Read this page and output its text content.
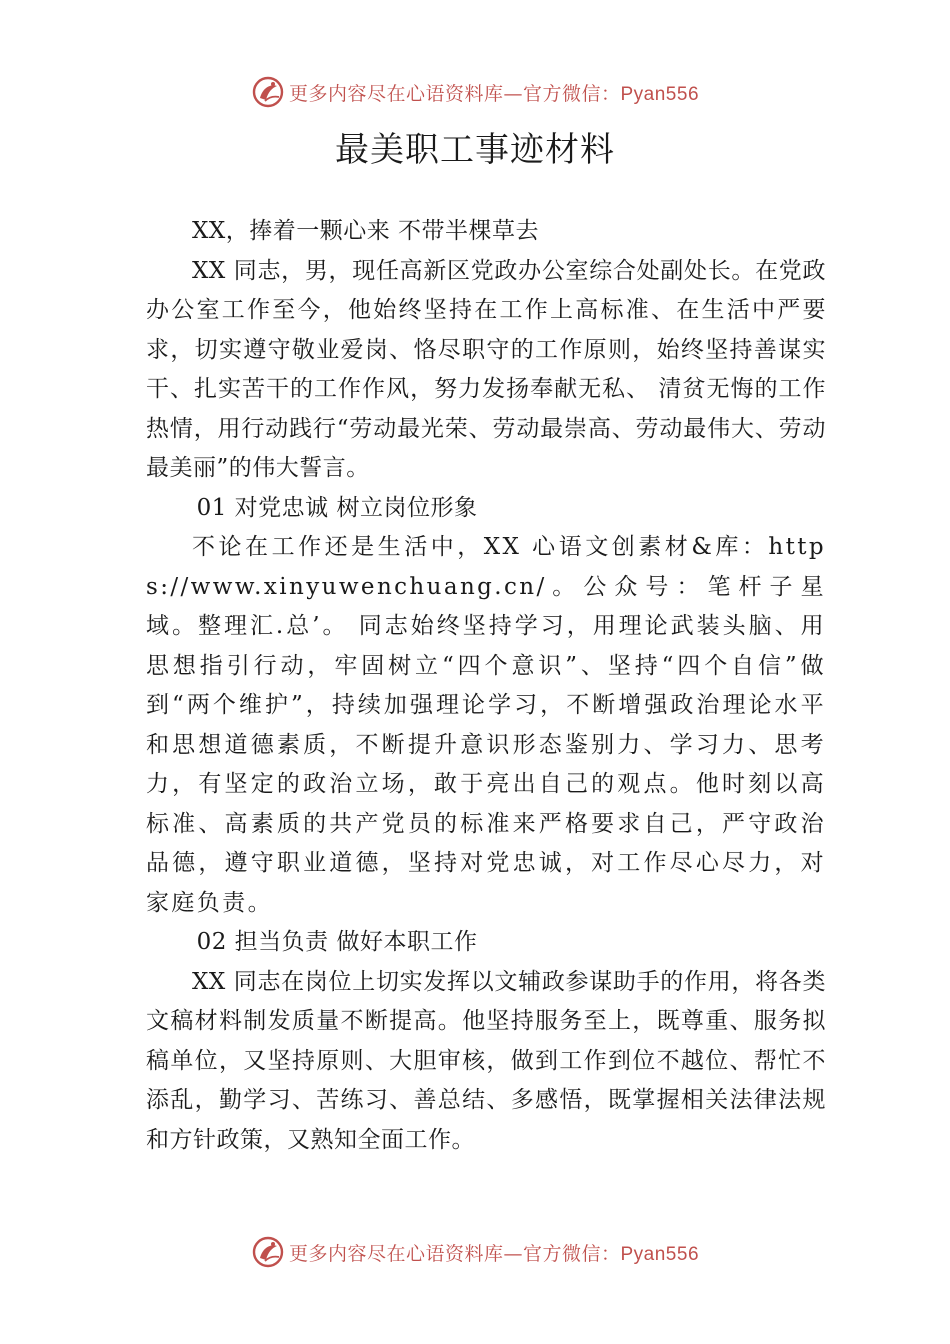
更多内容尽在心语资料库—官方微信：Pyan556
最美职工事迹材料

XX，捧着一颗心来 不带半棵草去

XX 同志，男，现任高新区党政办公室综合处副处长。在党政办公室工作至今，他始终坚持在工作上高标准、在生活中严要求，切实遵守敬业爱岗、恪尽职守的工作原则，始终坚持善谋实干、扎实苦干的工作作风，努力发扬奉献无私、 清贫无悔的工作热情，用行动践行“劳动最光荣、劳动最崇高、劳动最伟大、劳动最美丽”的伟大誓言。

01 对党忠诚 树立岗位形象

不论在工作还是生活中，XX 心语文创素材&库：https://www.xinyuwenchuang.cn/。公众号：笔杆子星域。整理汇.总’。 同志始终坚持学习，用理论武装头脑、用思想指引行动，牢固树立“四个意识”、坚持“四个自信”做到“两个维护”，持续加强理论学习，不断增强政治理论水平和思想道德素质，不断提升意识形态鉴别力、学习力、思考力，有坚定的政治立场，敢于亮出自己的观点。他时刻以高标准、高素质的共产党员的标准来严格要求自己，严守政治品德，遵守职业道德，坚持对党忠诚，对工作尽心尽力，对家庭负责。

02 担当负责 做好本职工作

XX 同志在岗位上切实发挥以文辅政参谋助手的作用，将各类文稿材料制发质量不断提高。他坚持服务至上，既尊重、服务拟稿单位，又坚持原则、大胆审核，做到工作到位不越位、帮忙不添乱，勤学习、苦练习、善总结、多感悟，既掌握相关法律法规和方针政策，又熟知全面工作。

更多内容尽在心语资料库—官方微信：Pyan556
